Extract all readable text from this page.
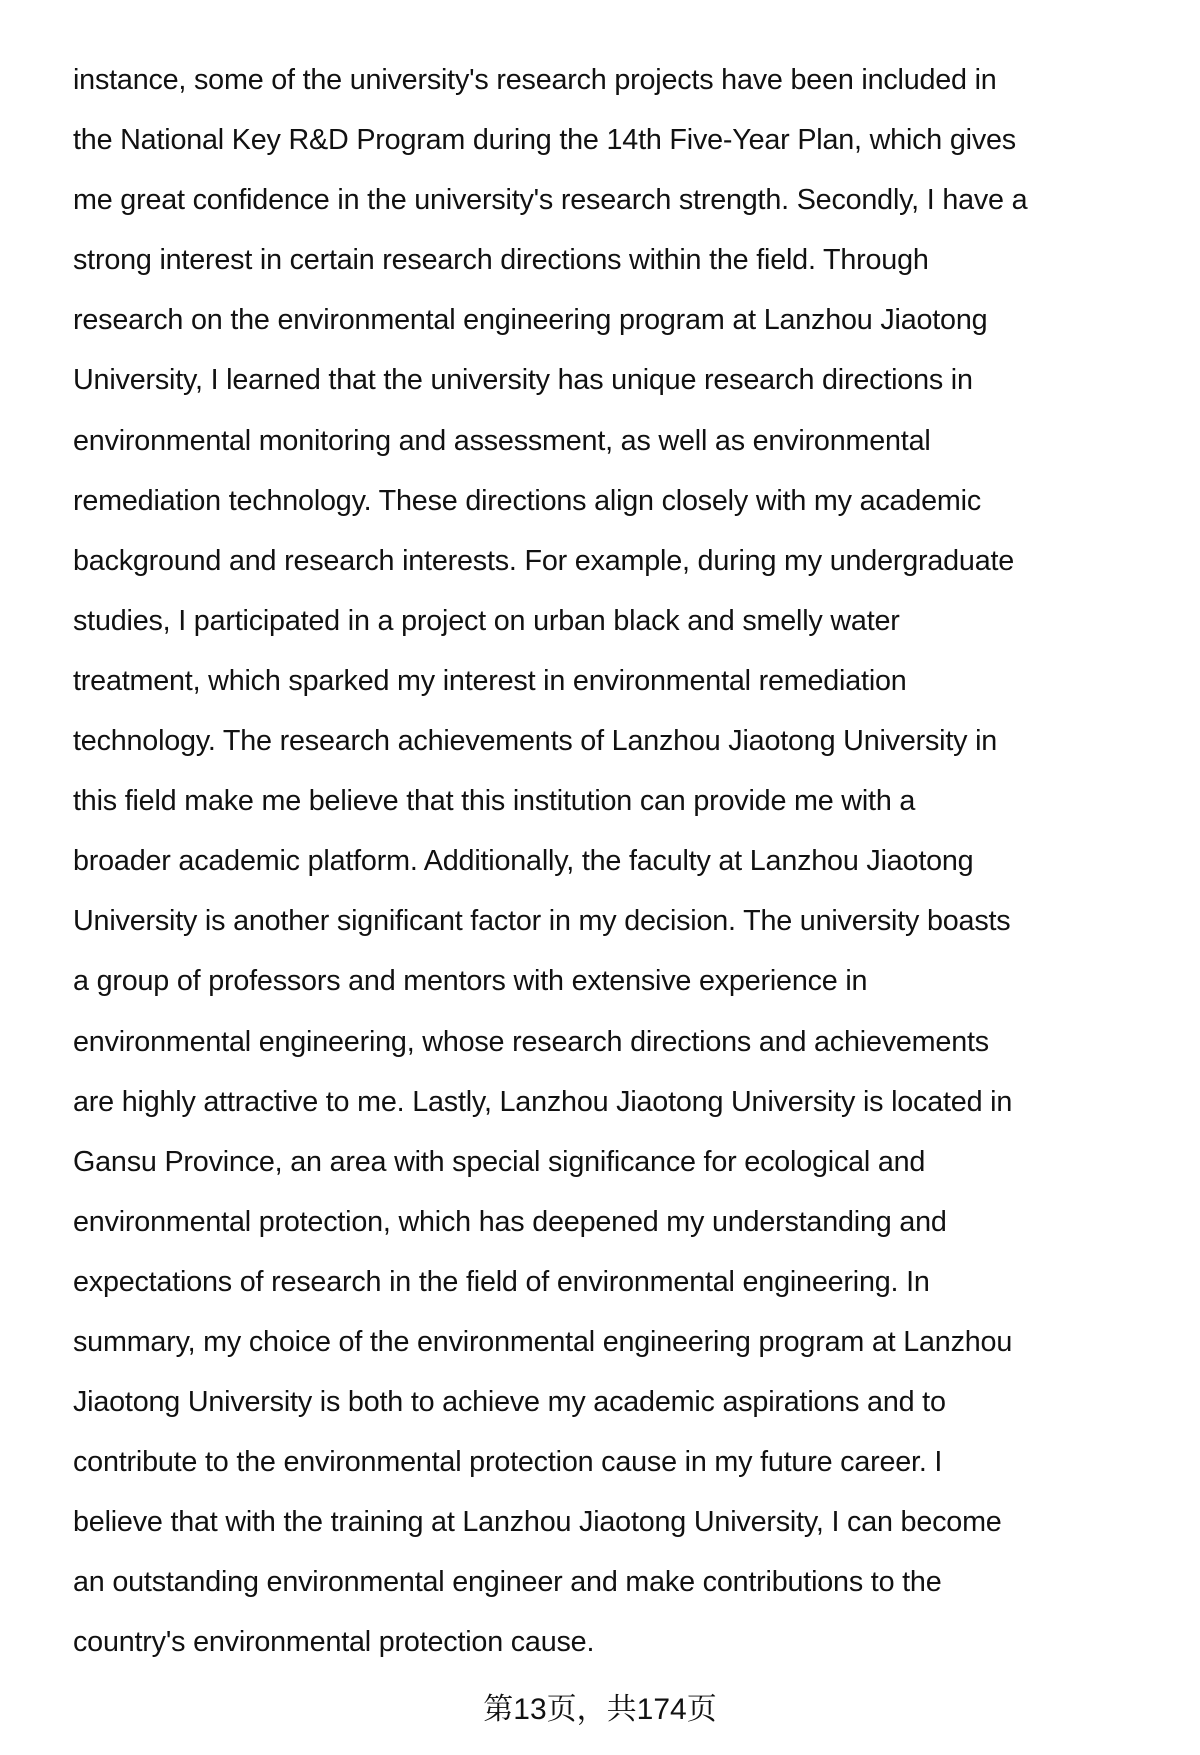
instance, some of the university's research projects have been included in
the National Key R&D Program during the 14th Five-Year Plan, which gives
me great confidence in the university's research strength. Secondly, I have a
strong interest in certain research directions within the field. Through
research on the environmental engineering program at Lanzhou Jiaotong
University, I learned that the university has unique research directions in
environmental monitoring and assessment, as well as environmental
remediation technology. These directions align closely with my academic
background and research interests. For example, during my undergraduate
studies, I participated in a project on urban black and smelly water
treatment, which sparked my interest in environmental remediation
technology. The research achievements of Lanzhou Jiaotong University in
this field make me believe that this institution can provide me with a
broader academic platform. Additionally, the faculty at Lanzhou Jiaotong
University is another significant factor in my decision. The university boasts
a group of professors and mentors with extensive experience in
environmental engineering, whose research directions and achievements
are highly attractive to me. Lastly, Lanzhou Jiaotong University is located in
Gansu Province, an area with special significance for ecological and
environmental protection, which has deepened my understanding and
expectations of research in the field of environmental engineering. In
summary, my choice of the environmental engineering program at Lanzhou
Jiaotong University is both to achieve my academic aspirations and to
contribute to the environmental protection cause in my future career. I
believe that with the training at Lanzhou Jiaotong University, I can become
an outstanding environmental engineer and make contributions to the
country's environmental protection cause.
第13页，共174页
